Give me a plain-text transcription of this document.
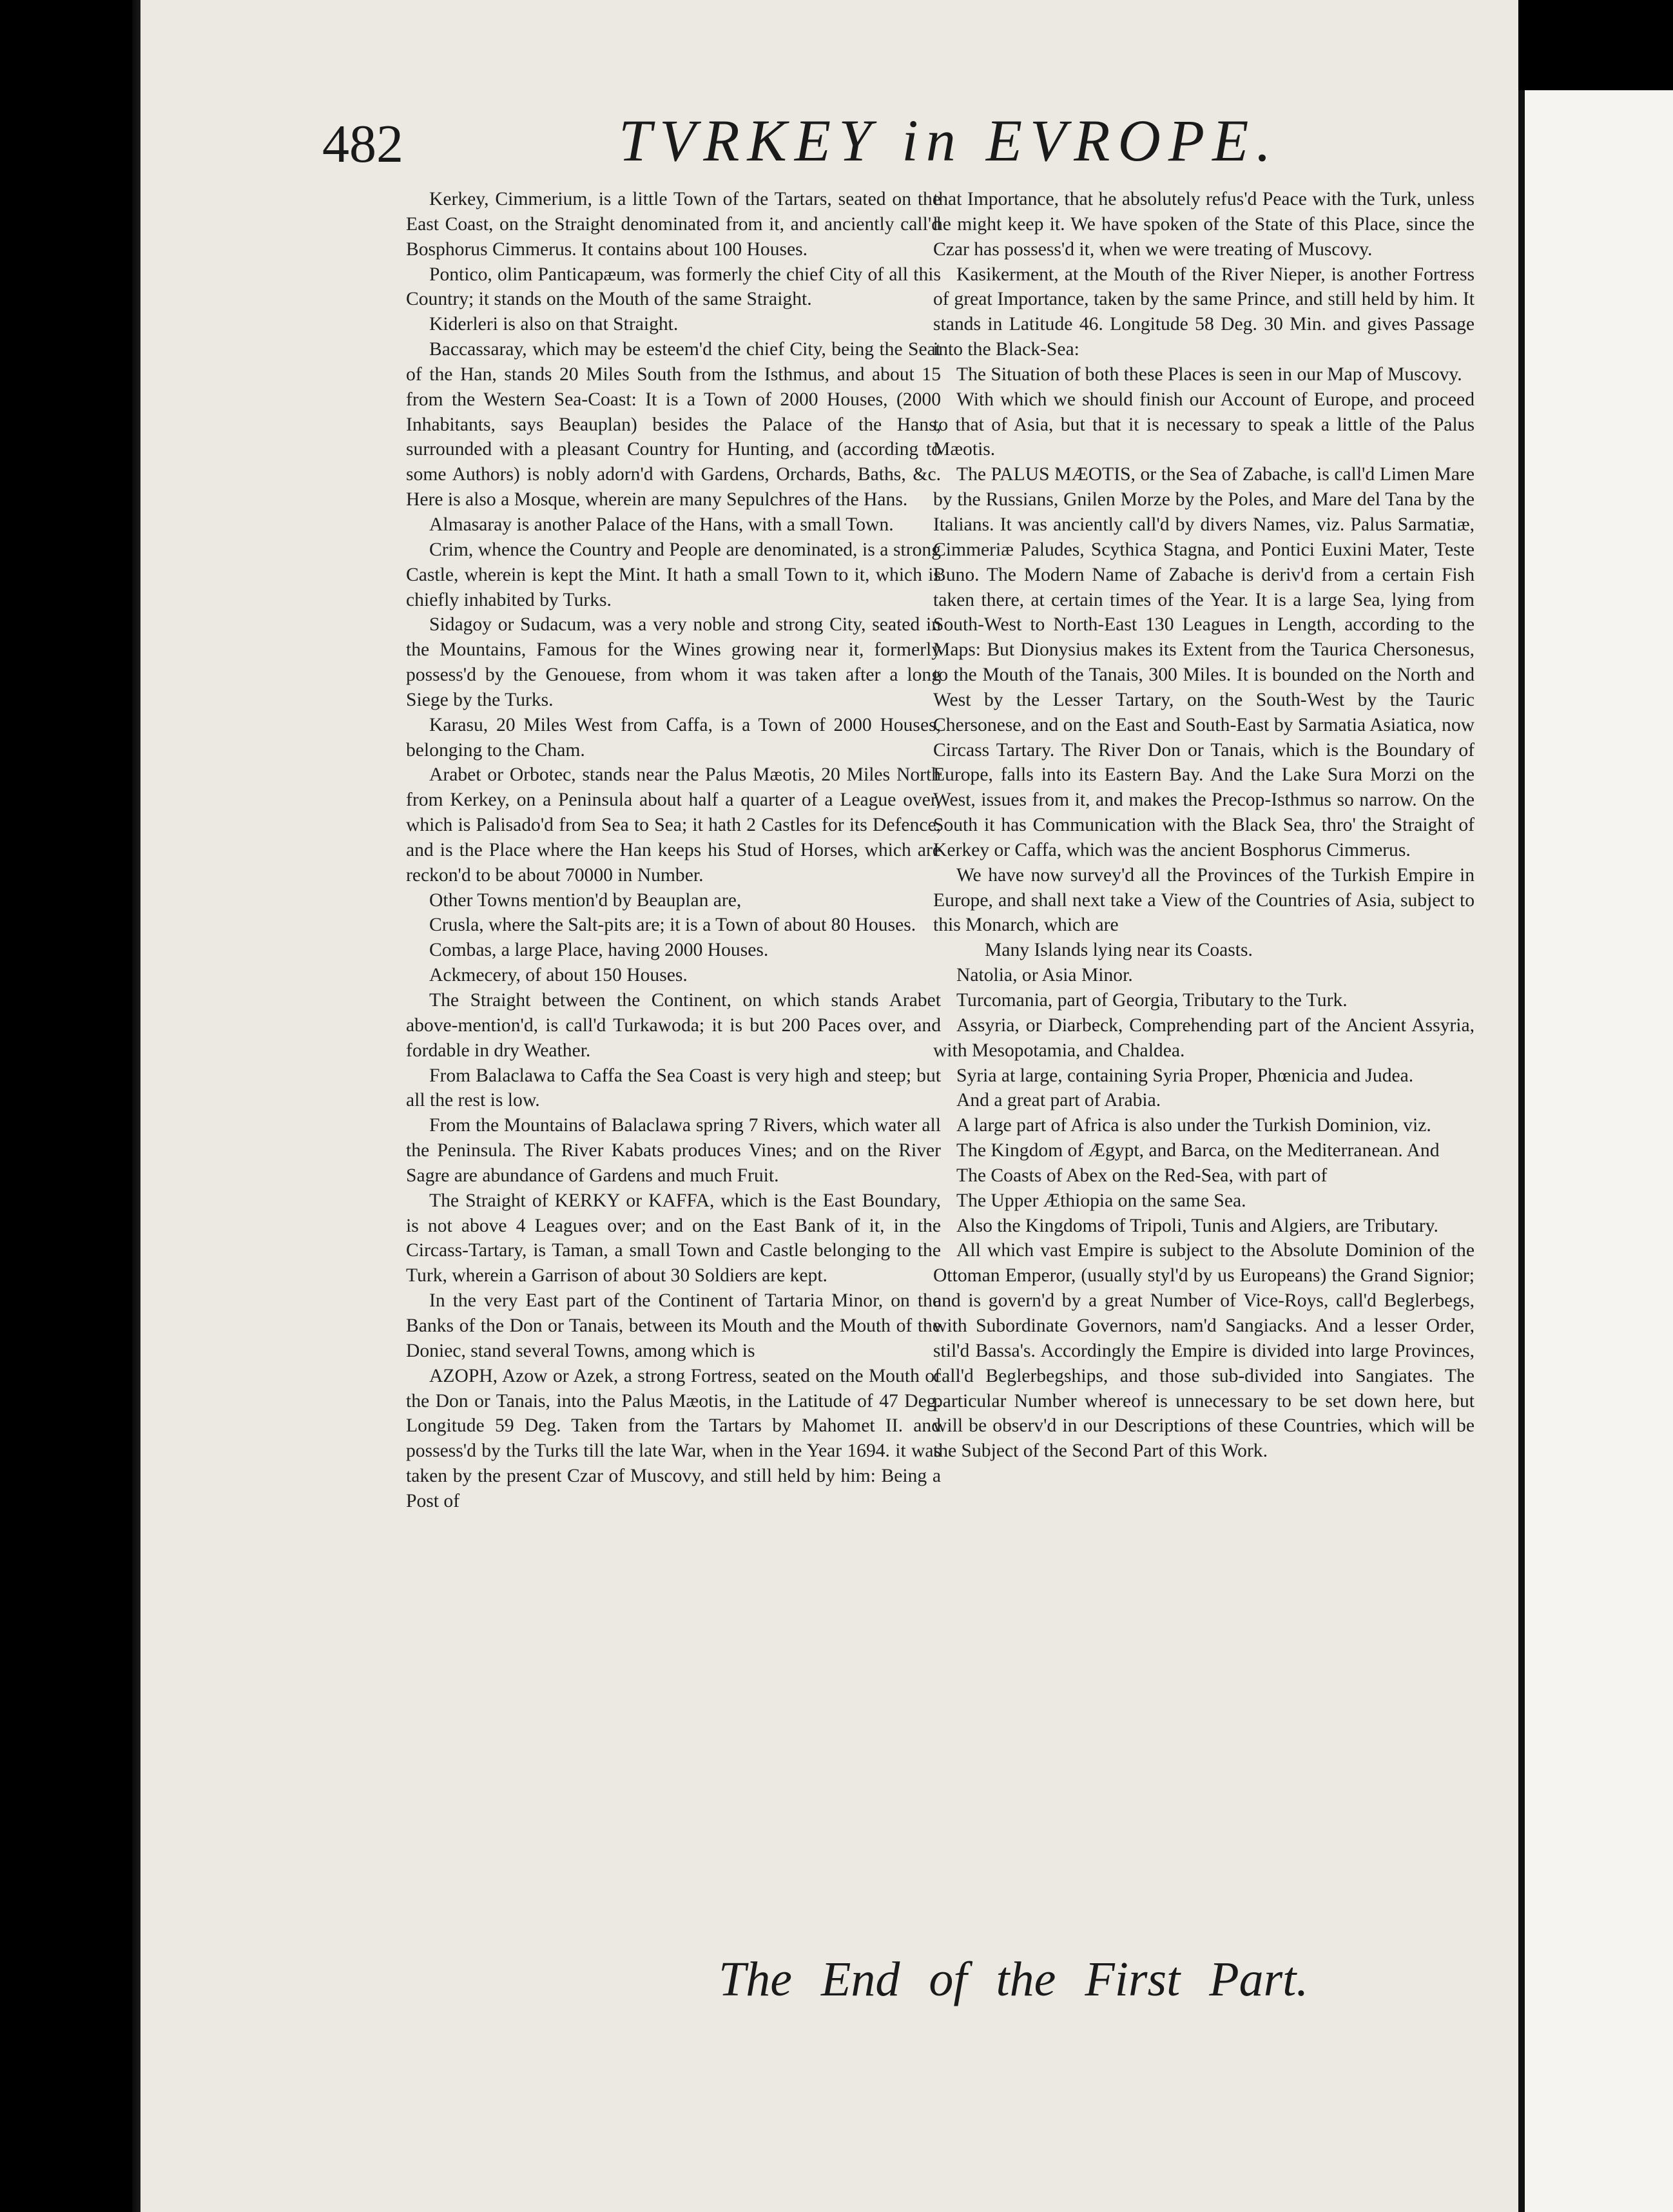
482	TVRKEY in EVROPE.

Kerkey, Cimmerium, is a little Town of the Tartars, seated on the East Coast, on the Straight denominated from it, and anciently call'd Bosphorus Cimmerus. It contains about 100 Houses.

Pontico, olim Panticapæum, was formerly the chief City of all this Country; it stands on the Mouth of the same Straight.

Kiderleri is also on that Straight.

Baccassaray, which may be esteem'd the chief City, being the Seat of the Han, stands 20 Miles South from the Isthmus, and about 15 from the Western Sea-Coast: It is a Town of 2000 Houses, (2000 Inhabitants, says Beauplan) besides the Palace of the Hans, surrounded with a pleasant Country for Hunting, and (according to some Authors) is nobly adorn'd with Gardens, Orchards, Baths, &c. Here is also a Mosque, wherein are many Sepulchres of the Hans.

Almasaray is another Palace of the Hans, with a small Town.

Crim, whence the Country and People are denominated, is a strong Castle, wherein is kept the Mint. It hath a small Town to it, which is chiefly inhabited by Turks.

Sidagoy or Sudacum, was a very noble and strong City, seated in the Mountains, Famous for the Wines growing near it, formerly possess'd by the Genouese, from whom it was taken after a long Siege by the Turks.

Karasu, 20 Miles West from Caffa, is a Town of 2000 Houses, belonging to the Cham.

Arabet or Orbotec, stands near the Palus Mæotis, 20 Miles North from Kerkey, on a Peninsula about half a quarter of a League over, which is Palisado'd from Sea to Sea; it hath 2 Castles for its Defence, and is the Place where the Han keeps his Stud of Horses, which are reckon'd to be about 70000 in Number.

Other Towns mention'd by Beauplan are,

Crusla, where the Salt-pits are; it is a Town of about 80 Houses.

Combas, a large Place, having 2000 Houses.

Ackmecery, of about 150 Houses.

The Straight between the Continent, on which stands Arabet above-mention'd, is call'd Turkawoda; it is but 200 Paces over, and fordable in dry Weather.

From Balaclawa to Caffa the Sea Coast is very high and steep; but all the rest is low.

From the Mountains of Balaclawa spring 7 Rivers, which water all the Peninsula. The River Kabats produces Vines; and on the River Sagre are abundance of Gardens and much Fruit.

The Straight of KERKY or KAFFA, which is the East Boundary, is not above 4 Leagues over; and on the East Bank of it, in the Circass-Tartary, is Taman, a small Town and Castle belonging to the Turk, wherein a Garrison of about 30 Soldiers are kept.

In the very East part of the Continent of Tartaria Minor, on the Banks of the Don or Tanais, between its Mouth and the Mouth of the Doniec, stand several Towns, among which is

AZOPH, Azow or Azek, a strong Fortress, seated on the Mouth of the Don or Tanais, into the Palus Mæotis, in the Latitude of 47 Deg. Longitude 59 Deg. Taken from the Tartars by Mahomet II. and possess'd by the Turks till the late War, when in the Year 1694. it was taken by the present Czar of Muscovy, and still held by him: Being a Post of

that Importance, that he absolutely refus'd Peace with the Turk, unless he might keep it. We have spoken of the State of this Place, since the Czar has possess'd it, when we were treating of Muscovy.

Kasikerment, at the Mouth of the River Nieper, is another Fortress of great Importance, taken by the same Prince, and still held by him. It stands in Latitude 46. Longitude 58 Deg. 30 Min. and gives Passage into the Black-Sea:

The Situation of both these Places is seen in our Map of Muscovy.

With which we should finish our Account of Europe, and proceed to that of Asia, but that it is necessary to speak a little of the Palus Mæotis.

The PALUS MÆOTIS, or the Sea of Zabache, is call'd Limen Mare by the Russians, Gnilen Morze by the Poles, and Mare del Tana by the Italians. It was anciently call'd by divers Names, viz. Palus Sarmatiæ, Cimmeriæ Paludes, Scythica Stagna, and Pontici Euxini Mater, Teste Buno. The Modern Name of Zabache is deriv'd from a certain Fish taken there, at certain times of the Year. It is a large Sea, lying from South-West to North-East 130 Leagues in Length, according to the Maps: But Dionysius makes its Extent from the Taurica Chersonesus, to the Mouth of the Tanais, 300 Miles. It is bounded on the North and West by the Lesser Tartary, on the South-West by the Tauric Chersonese, and on the East and South-East by Sarmatia Asiatica, now Circass Tartary. The River Don or Tanais, which is the Boundary of Europe, falls into its Eastern Bay. And the Lake Sura Morzi on the West, issues from it, and makes the Precop-Isthmus so narrow. On the South it has Communication with the Black Sea, thro' the Straight of Kerkey or Caffa, which was the ancient Bosphorus Cimmerus.

We have now survey'd all the Provinces of the Turkish Empire in Europe, and shall next take a View of the Countries of Asia, subject to this Monarch, which are

Many Islands lying near its Coasts.

Natolia, or Asia Minor.

Turcomania, part of Georgia, Tributary to the Turk.

Assyria, or Diarbeck, Comprehending part of the Ancient Assyria, with Mesopotamia, and Chaldea.

Syria at large, containing Syria Proper, Phœnicia and Judea.

And a great part of Arabia.

A large part of Africa is also under the Turkish Dominion, viz.

The Kingdom of Ægypt, and Barca, on the Mediterranean. And

The Coasts of Abex on the Red-Sea, with part of

The Upper Æthiopia on the same Sea.

Also the Kingdoms of Tripoli, Tunis and Algiers, are Tributary.

All which vast Empire is subject to the Absolute Dominion of the Ottoman Emperor, (usually styl'd by us Europeans) the Grand Signior; and is govern'd by a great Number of Vice-Roys, call'd Beglerbegs, with Subordinate Governors, nam'd Sangiacks. And a lesser Order, stil'd Bassa's. Accordingly the Empire is divided into large Provinces, call'd Beglerbegships, and those sub-divided into Sangiates. The particular Number whereof is unnecessary to be set down here, but will be observ'd in our Descriptions of these Countries, which will be the Subject of the Second Part of this Work.

The End of the First Part.
